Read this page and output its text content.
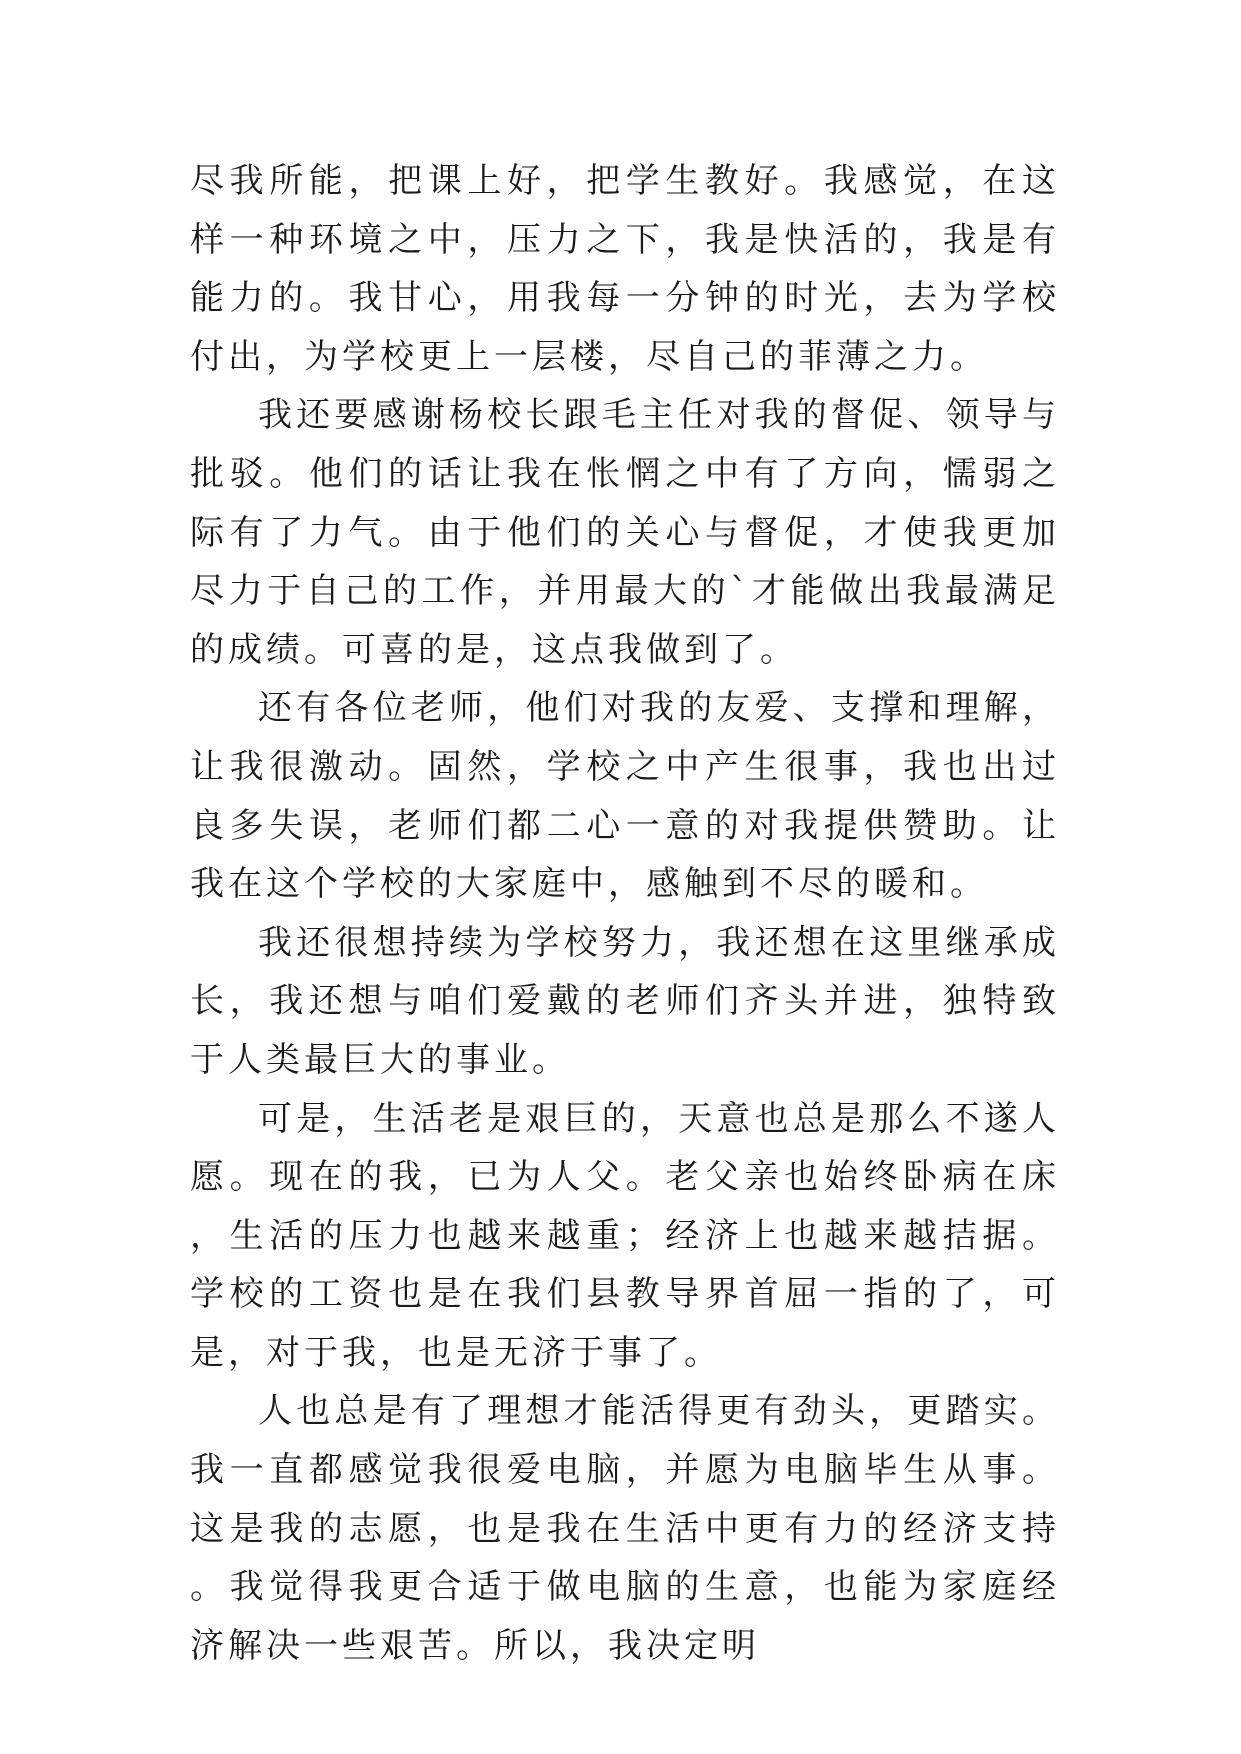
尽我所能，把课上好，把学生教好。我感觉，在这样一种环境之中，压力之下，我是快活的，我是有能力的。我甘心，用我每一分钟的时光，去为学校付出，为学校更上一层楼，尽自己的菲薄之力。

我还要感谢杨校长跟毛主任对我的督促、领导与批驳。他们的话让我在怅惘之中有了方向，懦弱之际有了力气。由于他们的关心与督促，才使我更加尽力于自己的工作，并用最大的`才能做出我最满足的成绩。可喜的是，这点我做到了。

还有各位老师，他们对我的友爱、支撑和理解，让我很激动。固然，学校之中产生很事，我也出过良多失误，老师们都二心一意的对我提供赞助。让我在这个学校的大家庭中，感触到不尽的暖和。

我还很想持续为学校努力，我还想在这里继承成长，我还想与咱们爱戴的老师们齐头并进，独特致于人类最巨大的事业。

可是，生活老是艰巨的，天意也总是那么不遂人愿。现在的我，已为人父。老父亲也始终卧病在床，生活的压力也越来越重；经济上也越来越拮据。学校的工资也是在我们县教导界首屈一指的了，可是，对于我，也是无济于事了。

人也总是有了理想才能活得更有劲头，更踏实。我一直都感觉我很爱电脑，并愿为电脑毕生从事。这是我的志愿，也是我在生活中更有力的经济支持。我觉得我更合适于做电脑的生意，也能为家庭经济解决一些艰苦。所以，我决定明
